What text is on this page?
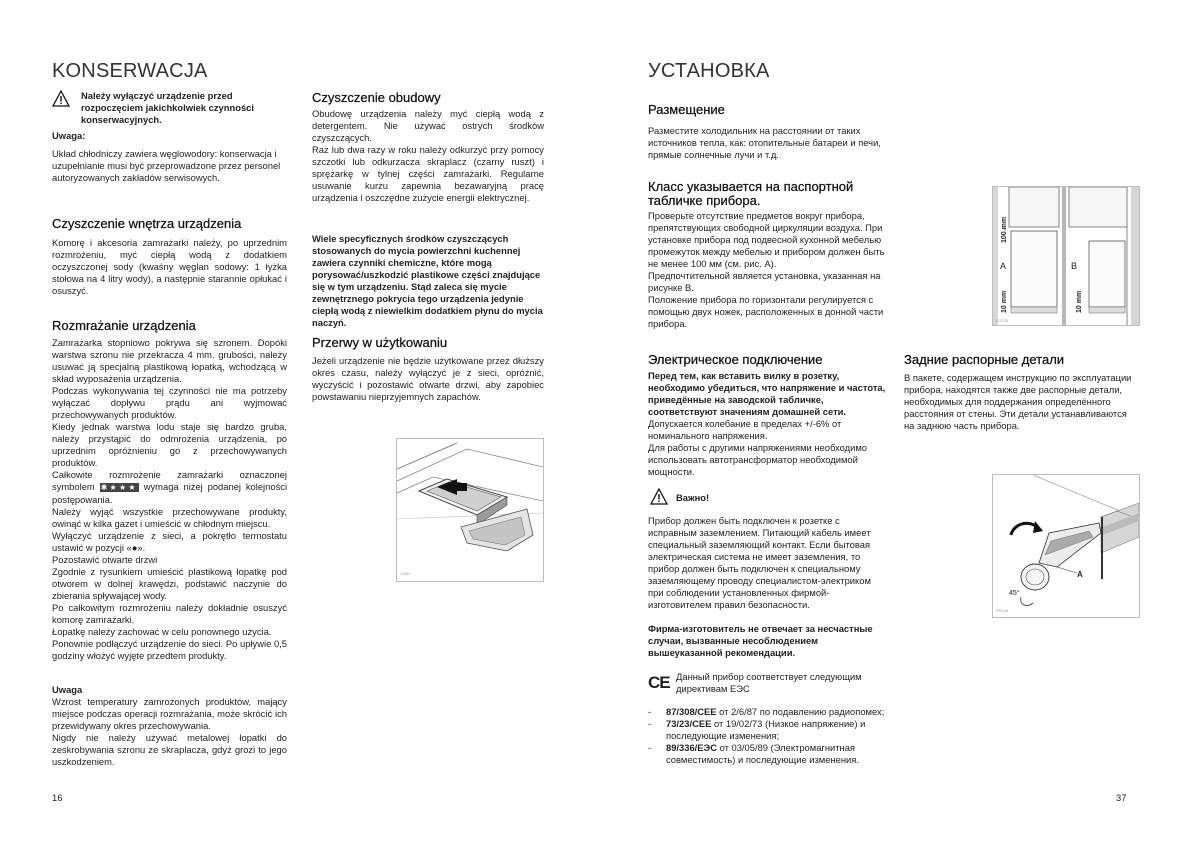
KONSERWACJA
Należy wyłączyć urządzenie przed rozpoczęciem jakichkolwiek czynności konserwacyjnych.
Uwaga:
Układ chłodniczy zawiera węglowodory: konserwacja i uzupełnianie musi być przeprowadzone przez personel autoryzowanych zakładów serwisowych.
Czyszczenie wnętrza urządzenia
Komorę i akcesoria zamrażarki należy, po uprzednim rozmrożeniu, myć ciepłą wodą z dodatkiem oczyszczonej sody (kwaśny węglan sodowy: 1 łyżka stołowa na 4 litry wody), a następnie starannie opłukać i osuszyć.
Rozmrażanie urządzenia

Zamrażarka stopniowo pokrywa się szronem. Dopóki warstwa szronu nie przekracza 4 mm. grubości, należy usuwać ją specjalną plastikową łopatką, wchodzącą w skład wyposażenia urządzenia.

Podczas wykonywania tej czynności nie ma potrzeby wyłączać dopływu prądu ani wyjmować przechowywanych produktów.

Kiedy jednak warstwa lodu staje się bardzo gruba, należy przystąpić do odmrożenia urządzenia, po uprzednim opróżnieniu go z przechowywanych produktów.

Całkowite rozmrożenie zamrażarki oznaczonej symbolem ✱★★★ wymaga niżej podanej kolejności postępowania.

Należy wyjąć wszystkie przechowywane produkty, owinąć w kilka gazet i umieścić w chłodnym miejscu.

Wyłączyć urządzenie z sieci, a pokrętło termostatu ustawić w pozycji «●».

Pozostawić otwarte drzwi

Zgodnie z rysunkiem umieścić plastikową łopatkę pod otworem w dolnej krawędzi, podstawić naczynie do zbierania spływającej wody.

Po całkowitym rozmrożeniu należy dokładnie osuszyć komorę zamrażarki.

Łopatkę należy zachować w celu ponownego użycia.

Ponownie podłączyć urządzenie do sieci. Po upływie 0,5 godziny włożyć wyjęte przedtem produkty.

Uwaga

Wzrost temperatury zamrożonych produktów, mający miejsce podczas operacji rozmrażania, może skrócić ich przewidywany okres przechowywania.

Nigdy nie należy używać metalowej łopatki do zeskrobywania szronu ze skraplacza, gdyż grozi to jego uszkodzeniem.

16
Czyszczenie obudowy

Obudowę urządzenia należy myć ciepłą wodą z detergentem. Nie używać ostrych środków czyszczących.

Raz lub dwa razy w roku należy odkurzyć przy pomocy szczotki lub odkurzacza skraplacz (czarny ruszt) i sprężarkę w tylnej części zamrażarki. Regularne usuwanie kurzu zapewnia bezawaryjną pracę urządzenia i oszczędne zużycie energii elektrycznej.

Wiele specyficznych środków czyszczących stosowanych do mycia powierzchni kuchennej zawiera czynniki chemiczne, które mogą porysować/uszkodzić plastikowe części znajdujące się w tym urządzeniu. Stąd zaleca się mycie zewnętrznego pokrycia tego urządzenia jedynie ciepłą wodą z niewielkim dodatkiem płynu do mycia naczyń.
Przerwy w użytkowaniu
Jeżeli urządzenie nie będzie użytkowane przez dłuższy okres czasu, należy wyłączyć je z sieci, opróżnić, wyczyścić i pozostawić otwarte drzwi, aby zapobiec powstawaniu nieprzyjemnych zapachów.
D330
УСТАНОВКА
Размещение
Разместите холодильник на расстоянии от таких источников тепла, как: отопительные батареи и печи, прямые солнечные лучи и т.д.
Класс указывается на паспортной табличке прибора.

Проверьте отсутствие предметов вокруг прибора, препятствующих свободной циркуляции воздуха. При установке прибора под подвесной кухонной мебелью промежуток между мебелью и прибором должен быть не менее 100 мм (см. рис. А).

Предпочтительной является установка, указанная на рисунке В.

Положение прибора по горизонтали регулируется с помощью двух ножек, расположенных в донной части прибора.

Электрическое подключение
Перед тем, как вставить вилку в розетку, необходимо убедиться, что напряжение и частота, приведённые на заводской табличке, соответствуют значениям домашней сети.

Допускается колебание в пределах +/-6% от номинального напряжения.

Для работы с другими напряжениями необходимо использовать автотрансформатор необходимой мощности.

Важно!
Прибор должен быть подключен к розетке с исправным заземлением. Питающий кабель имеет специальный заземляющий контакт. Если бытовая электрическая система не имеет заземления, то прибор должен быть подключен к специальному заземляющему проводу специалистом-электриком при соблюдении установленных фирмой-изготовителем правил безопасности.
Фирма-изготовитель не отвечает за несчастные случаи, вызванные несоблюдением вышеуказанной рекомендации.
CE Данный прибор соответствует следующим директивам ЕЭС
- 87/308/СЕЕ от 2/6/87 по подавлению радиопомех;
- 73/23/СЕЕ от 19/02/73 (Низкое напряжение) и последующие изменения;
- 89/336/ЕЭС от 03/05/89 (Электромагнитная совместимость) и последующие изменения.
37
100 mm
10 mm	10 mm
A	B
D7228
Задние распорные детали
В пакете, содержащем инструкцию по эксплуатации прибора, находятся также две распорные детали, необходимых для поддержания определённого расстояния от стены. Эти детали устанавливаются на заднюю часть прибора.
A
45°
PR140
